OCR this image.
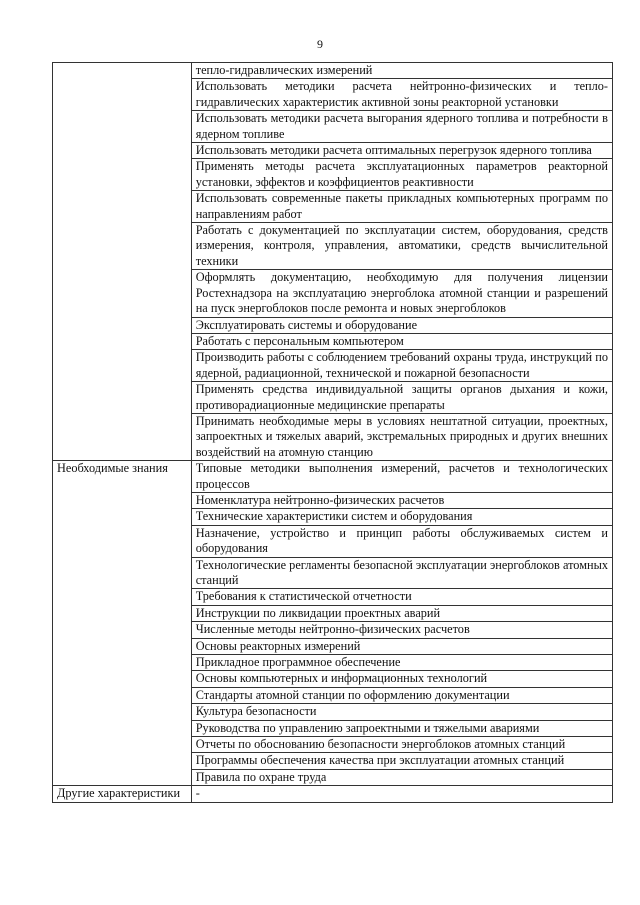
9
	тепло-гидравлических измерений
	Использовать методики расчета нейтронно-физических и тепло-гидравлических характеристик активной зоны реакторной установки
	Использовать методики расчета выгорания ядерного топлива и потребности в ядерном топливе
	Использовать методики расчета оптимальных перегрузок ядерного топлива
	Применять методы расчета эксплуатационных параметров реакторной установки, эффектов и коэффициентов реактивности
	Использовать современные пакеты прикладных компьютерных программ по направлениям работ
	Работать с документацией по эксплуатации систем, оборудования, средств измерения, контроля, управления, автоматики, средств вычислительной техники
	Оформлять документацию, необходимую для получения лицензии Ростехнадзора на эксплуатацию энергоблока атомной станции и разрешений на пуск энергоблоков после ремонта и новых энергоблоков
	Эксплуатировать системы и оборудование
	Работать с персональным компьютером
	Производить работы с соблюдением требований охраны труда, инструкций по ядерной, радиационной, технической и пожарной безопасности
	Применять средства индивидуальной защиты органов дыхания и кожи, противорадиационные медицинские препараты
	Принимать необходимые меры в условиях нештатной ситуации, проектных, запроектных и тяжелых аварий, экстремальных природных и других внешних воздействий на атомную станцию
Необходимые знания	Типовые методики выполнения измерений, расчетов и технологических процессов
	Номенклатура нейтронно-физических расчетов
	Технические характеристики систем и оборудования
	Назначение, устройство и принцип работы обслуживаемых систем и оборудования
	Технологические регламенты безопасной эксплуатации энергоблоков атомных станций
	Требования к статистической отчетности
	Инструкции по ликвидации проектных аварий
	Численные методы нейтронно-физических расчетов
	Основы реакторных измерений
	Прикладное программное обеспечение
	Основы компьютерных и информационных технологий
	Стандарты атомной станции по оформлению документации
	Культура безопасности
	Руководства по управлению запроектными и тяжелыми авариями
	Отчеты по обоснованию безопасности энергоблоков атомных станций
	Программы обеспечения качества при эксплуатации атомных станций
	Правила по охране труда
Другие характеристики	-
